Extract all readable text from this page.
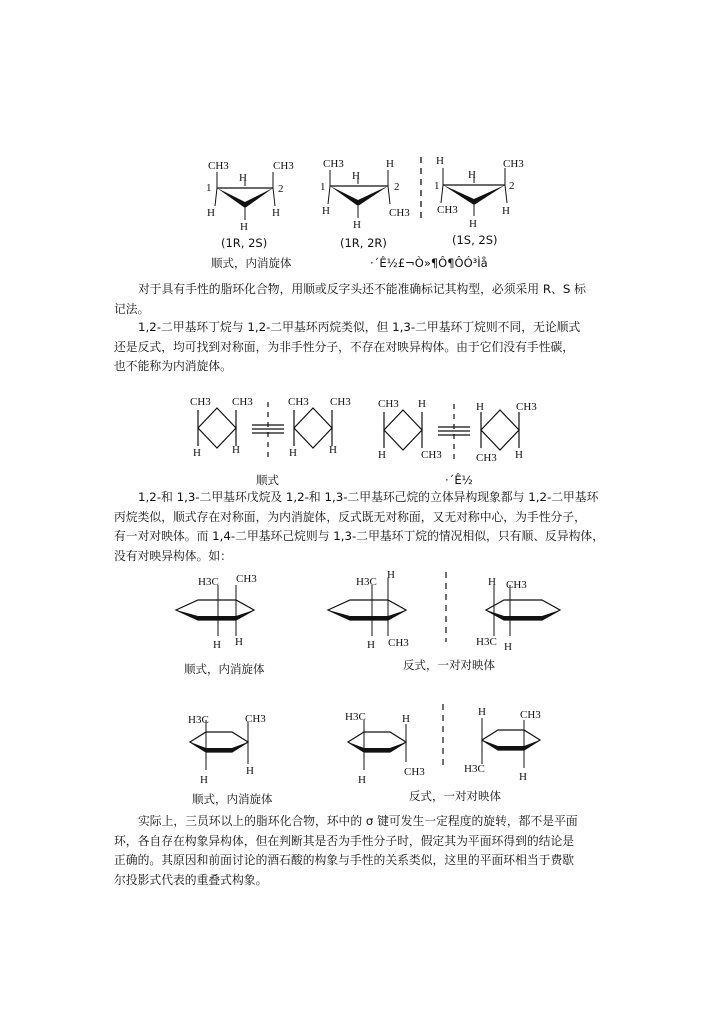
CH3	CH3
H
1	2
H	H
H
(1R, 2S)
CH3	H
H
1	2
H	CH3
H
(1R, 2R)
H	CH3
H
1	2
CH3	H
H
(1S, 2S)
顺式，内消旋体	·´Ê½£¬Ò»¶Ô¶ÔÓ³Ìå

对于具有手性的脂环化合物，用顺或反字头还不能准确标记其构型，必须采用 R、S 标
记法。

1,2-二甲基环丁烷与 1,2-二甲基环丙烷类似，但 1,3-二甲基环丁烷则不同，无论顺式
还是反式，均可找到对称面，为非手性分子，不存在对映异构体。由于它们没有手性碳，
也不能称为内消旋体。

CH3 CH3
H	H
CH3 CH3
H	H
CH3 H
H	CH3
H	CH3
CH3 H
顺式	·´Ê½

1,2-和 1,3-二甲基环戊烷及 1,2-和 1,3-二甲基环己烷的立体异构现象都与 1,2-二甲基环
丙烷类似，顺式存在对称面，为内消旋体，反式既无对称面，又无对称中心，为手性分子，
有一对对映体。而 1,4-二甲基环己烷则与 1,3-二甲基环丁烷的情况相似，只有顺、反异构体，
没有对映异构体。如：

H3C CH3
H H
H3C
H
H CH3
H CH3
H3C H
顺式，内消旋体	反式，一对对映体
H3C	CH3
H
H
H3C	H
H
CH3
H	CH3
H3C
H
顺式，内消旋体	反式，一对对映体

实际上，三员环以上的脂环化合物，环中的 σ 键可发生一定程度的旋转，都不是平面
环，各自存在构象异构体，但在判断其是否为手性分子时，假定其为平面环得到的结论是
正确的。其原因和前面讨论的酒石酸的构象与手性的关系类似，这里的平面环相当于费歇
尔投影式代表的重叠式构象。
